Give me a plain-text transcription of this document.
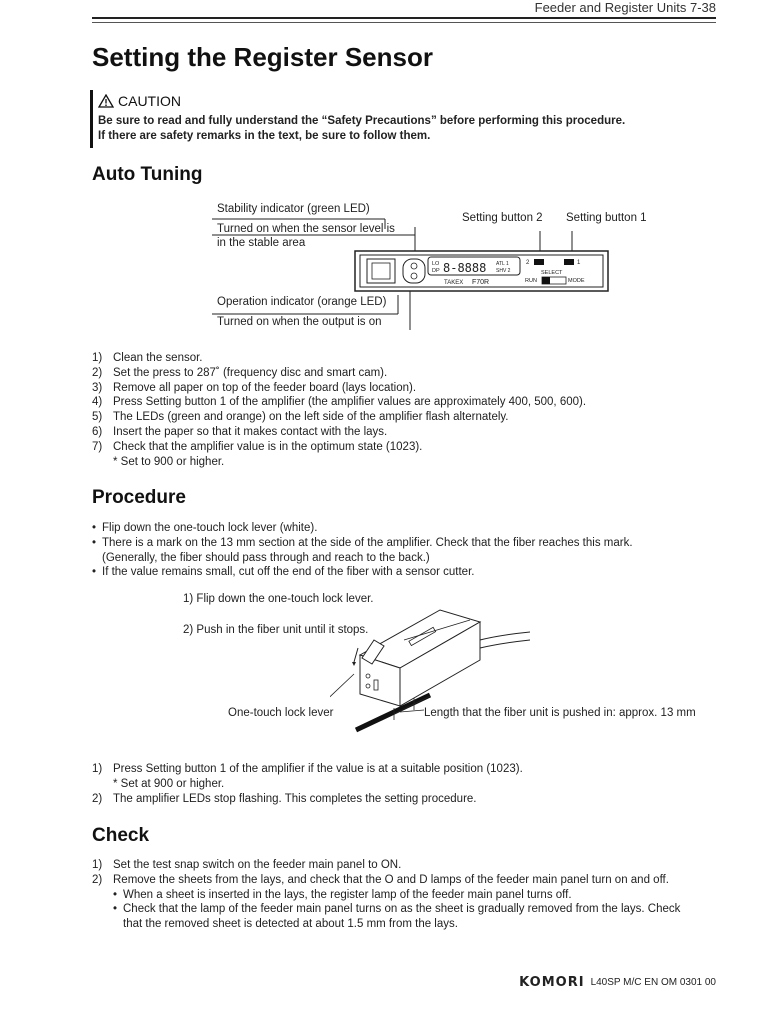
Feeder and Register Units 7-38
Setting the Register Sensor
CAUTION
Be sure to read and fully understand the “Safety Precautions” before performing this procedure.
If there are safety remarks in the text, be sure to follow them.
Auto Tuning
Stability indicator (green LED)
Turned on when the sensor level is
in the stable area
Setting button 2 Setting button 1
Operation indicator (orange LED)
Turned on when the output is on
LO
DP 8-8888 ATL 1
SHV 2
2	1
SELECT
RUN	MODE
TAKEX F70R
1) Clean the sensor.
2) Set the press to 287˚ (frequency disc and smart cam).
3) Remove all paper on top of the feeder board (lays location).
4) Press Setting button 1 of the amplifier (the amplifier values are approximately 400, 500, 600).
5) The LEDs (green and orange) on the left side of the amplifier flash alternately.
6) Insert the paper so that it makes contact with the lays.
7) Check that the amplifier value is in the optimum state (1023).
* Set to 900 or higher.
Procedure
• Flip down the one-touch lock lever (white).
• There is a mark on the 13 mm section at the side of the amplifier. Check that the fiber reaches this mark.
(Generally, the fiber should pass through and reach to the back.)
• If the value remains small, cut off the end of the fiber with a sensor cutter.
1) Flip down the one-touch lock lever.
2) Push in the fiber unit until it stops.
One-touch lock lever	Length that the fiber unit is pushed in: approx. 13 mm
1) Press Setting button 1 of the amplifier if the value is at a suitable position (1023).
* Set at 900 or higher.
2) The amplifier LEDs stop flashing. This completes the setting procedure.
Check
1) Set the test snap switch on the feeder main panel to ON.
2) Remove the sheets from the lays, and check that the O and D lamps of the feeder main panel turn on and off.
• When a sheet is inserted in the lays, the register lamp of the feeder main panel turns off.
• Check that the lamp of the feeder main panel turns on as the sheet is gradually removed from the lays. Check
that the removed sheet is detected at about 1.5 mm from the lays.
KOMORI L40SP M/C EN OM 0301 00
